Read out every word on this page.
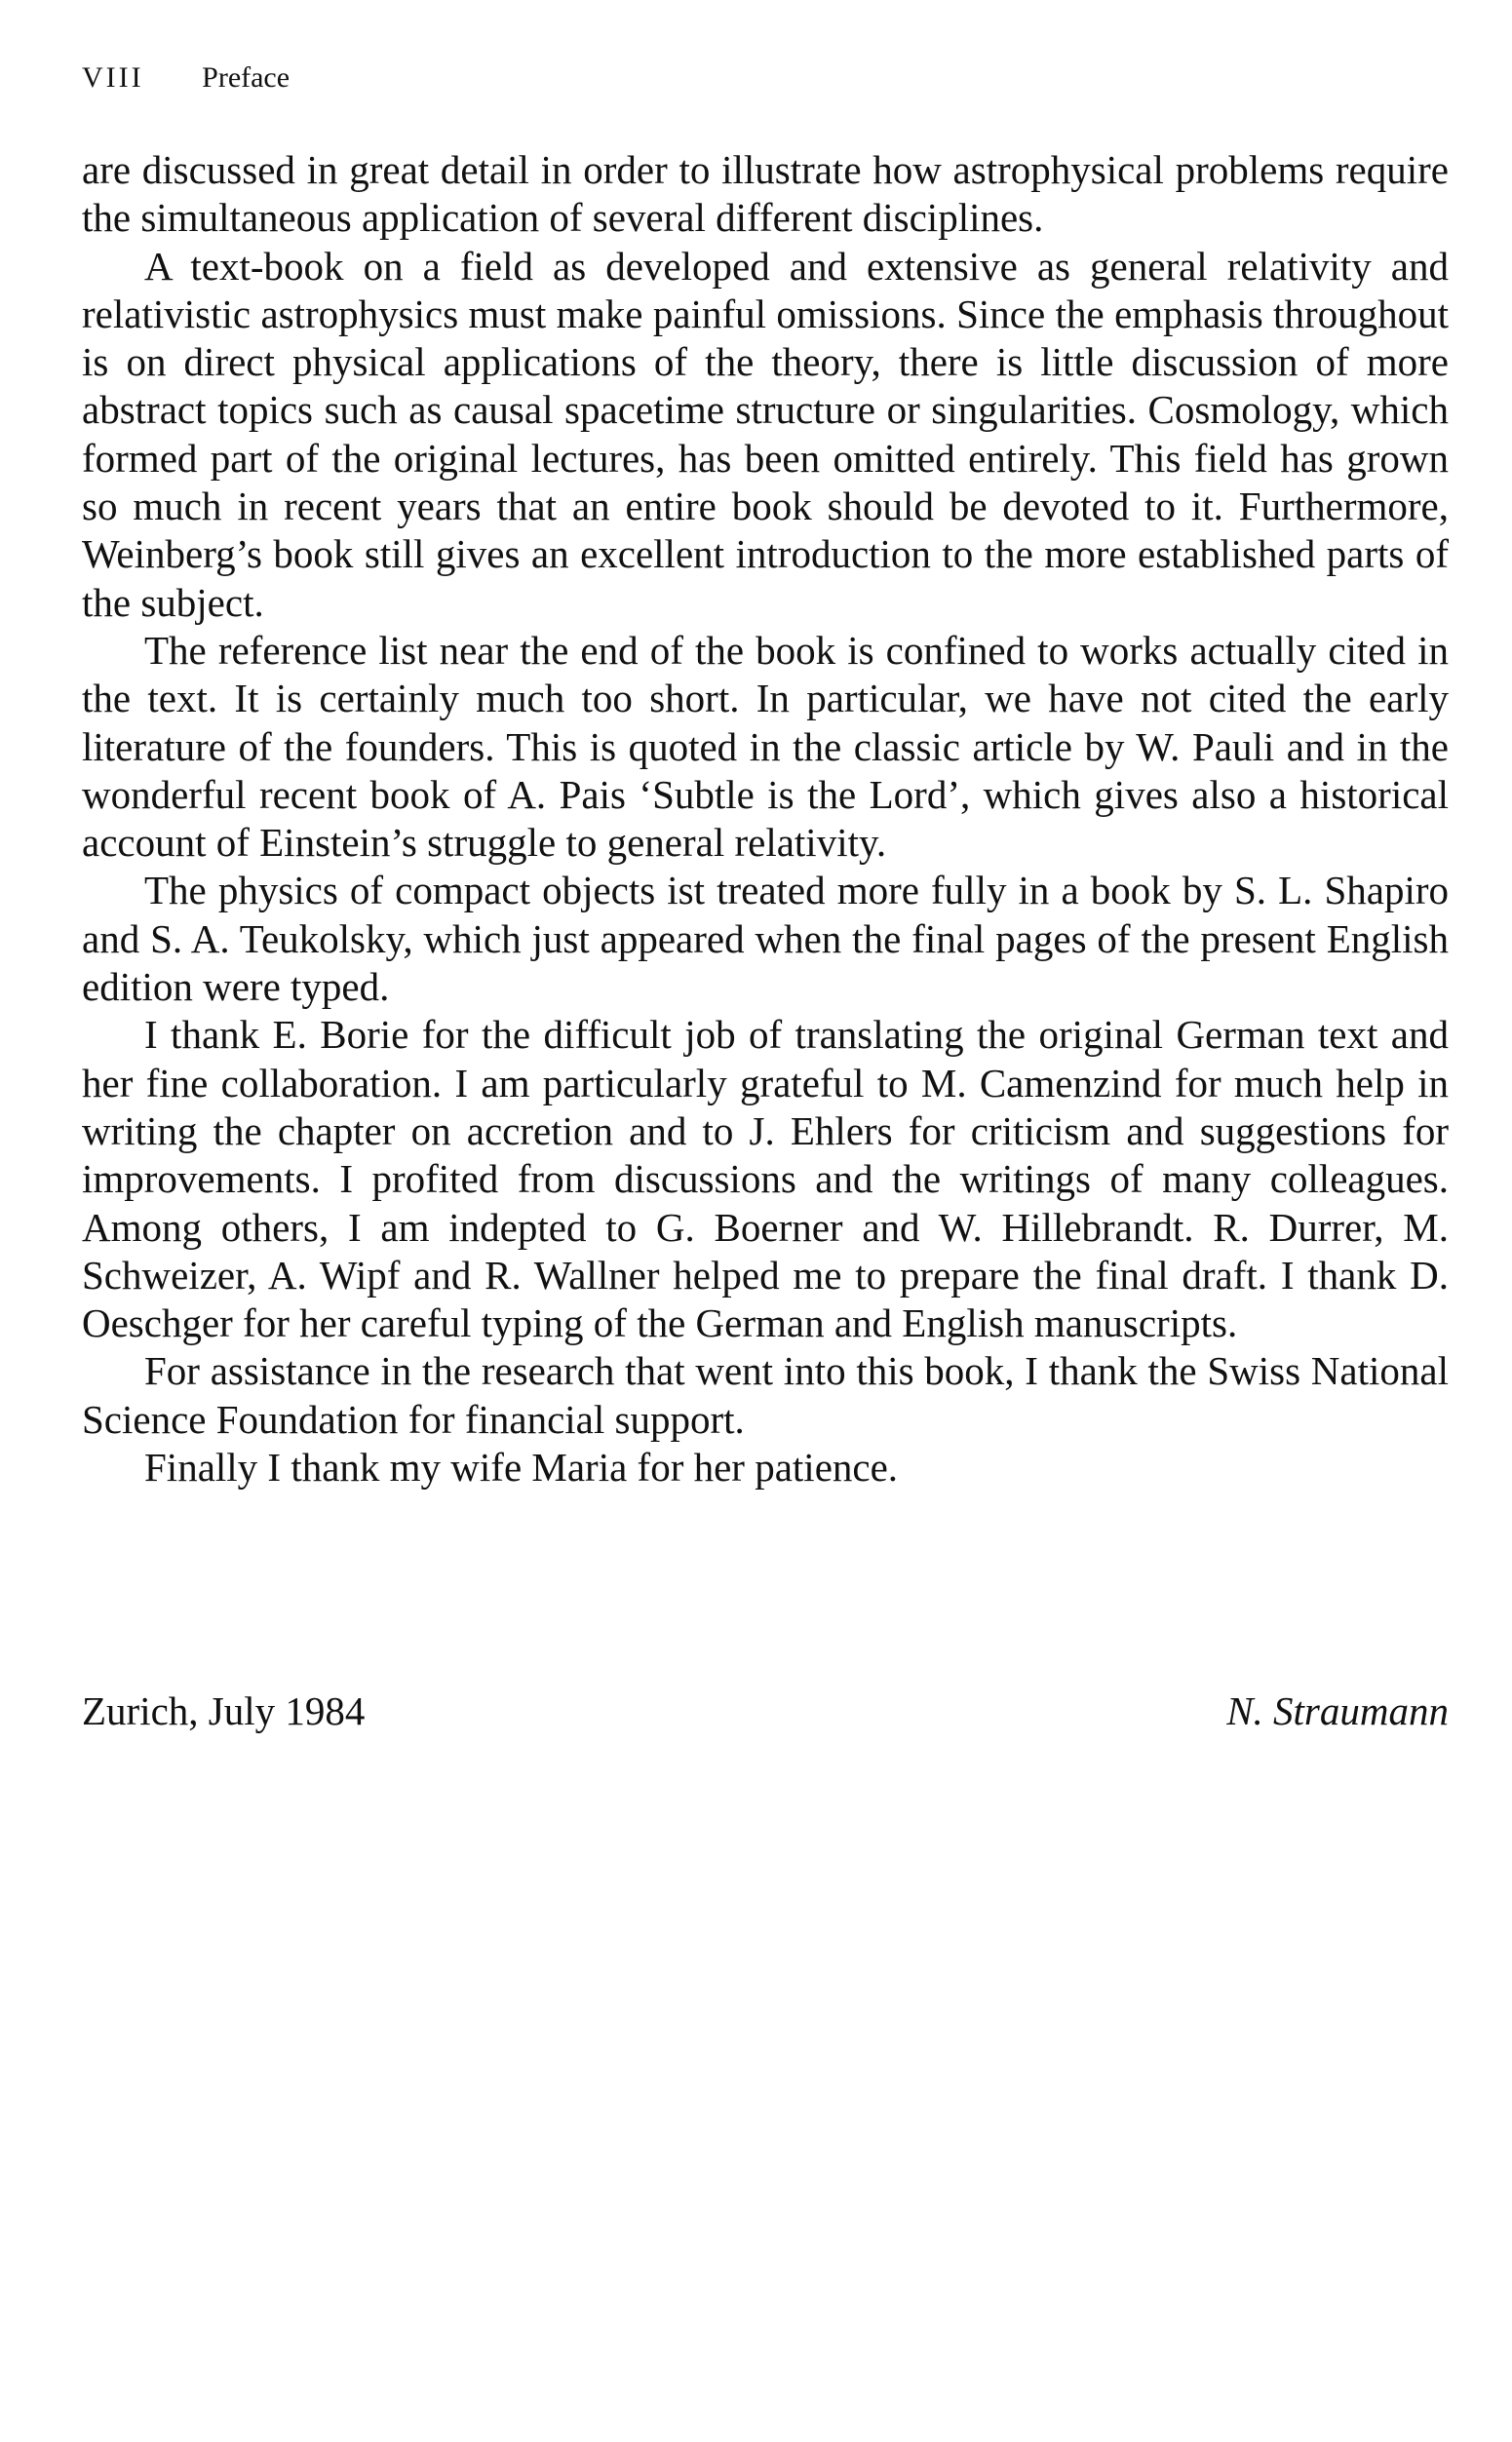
VIII Preface

are discussed in great detail in order to illustrate how astrophysical problems require the simultaneous application of several different disciplines.

A text-book on a field as developed and extensive as general relativity and relativistic astrophysics must make painful omissions. Since the emphasis throughout is on direct physical applications of the theory, there is little discussion of more abstract topics such as causal spacetime structure or singularities. Cosmology, which formed part of the original lectures, has been omitted entirely. This field has grown so much in recent years that an entire book should be devoted to it. Furthermore, Weinberg’s book still gives an excellent introduction to the more established parts of the subject.

The reference list near the end of the book is confined to works actually cited in the text. It is certainly much too short. In particular, we have not cited the early literature of the founders. This is quoted in the classic article by W. Pauli and in the wonderful recent book of A. Pais ‘Subtle is the Lord’, which gives also a historical account of Einstein’s struggle to general relativity.

The physics of compact objects ist treated more fully in a book by S. L. Shapiro and S. A. Teukolsky, which just appeared when the final pages of the present English edition were typed.

I thank E. Borie for the difficult job of translating the original German text and her fine collaboration. I am particularly grateful to M. Camenzind for much help in writing the chapter on accretion and to J. Ehlers for criticism and suggestions for improvements. I profited from discussions and the writings of many colleagues. Among others, I am indepted to G. Boerner and W. Hillebrandt. R. Durrer, M. Schweizer, A. Wipf and R. Wallner helped me to prepare the final draft. I thank D. Oeschger for her careful typing of the German and English manuscripts.

For assistance in the research that went into this book, I thank the Swiss National Science Foundation for financial support.

Finally I thank my wife Maria for her patience.

Zurich, July 1984	N. Straumann
